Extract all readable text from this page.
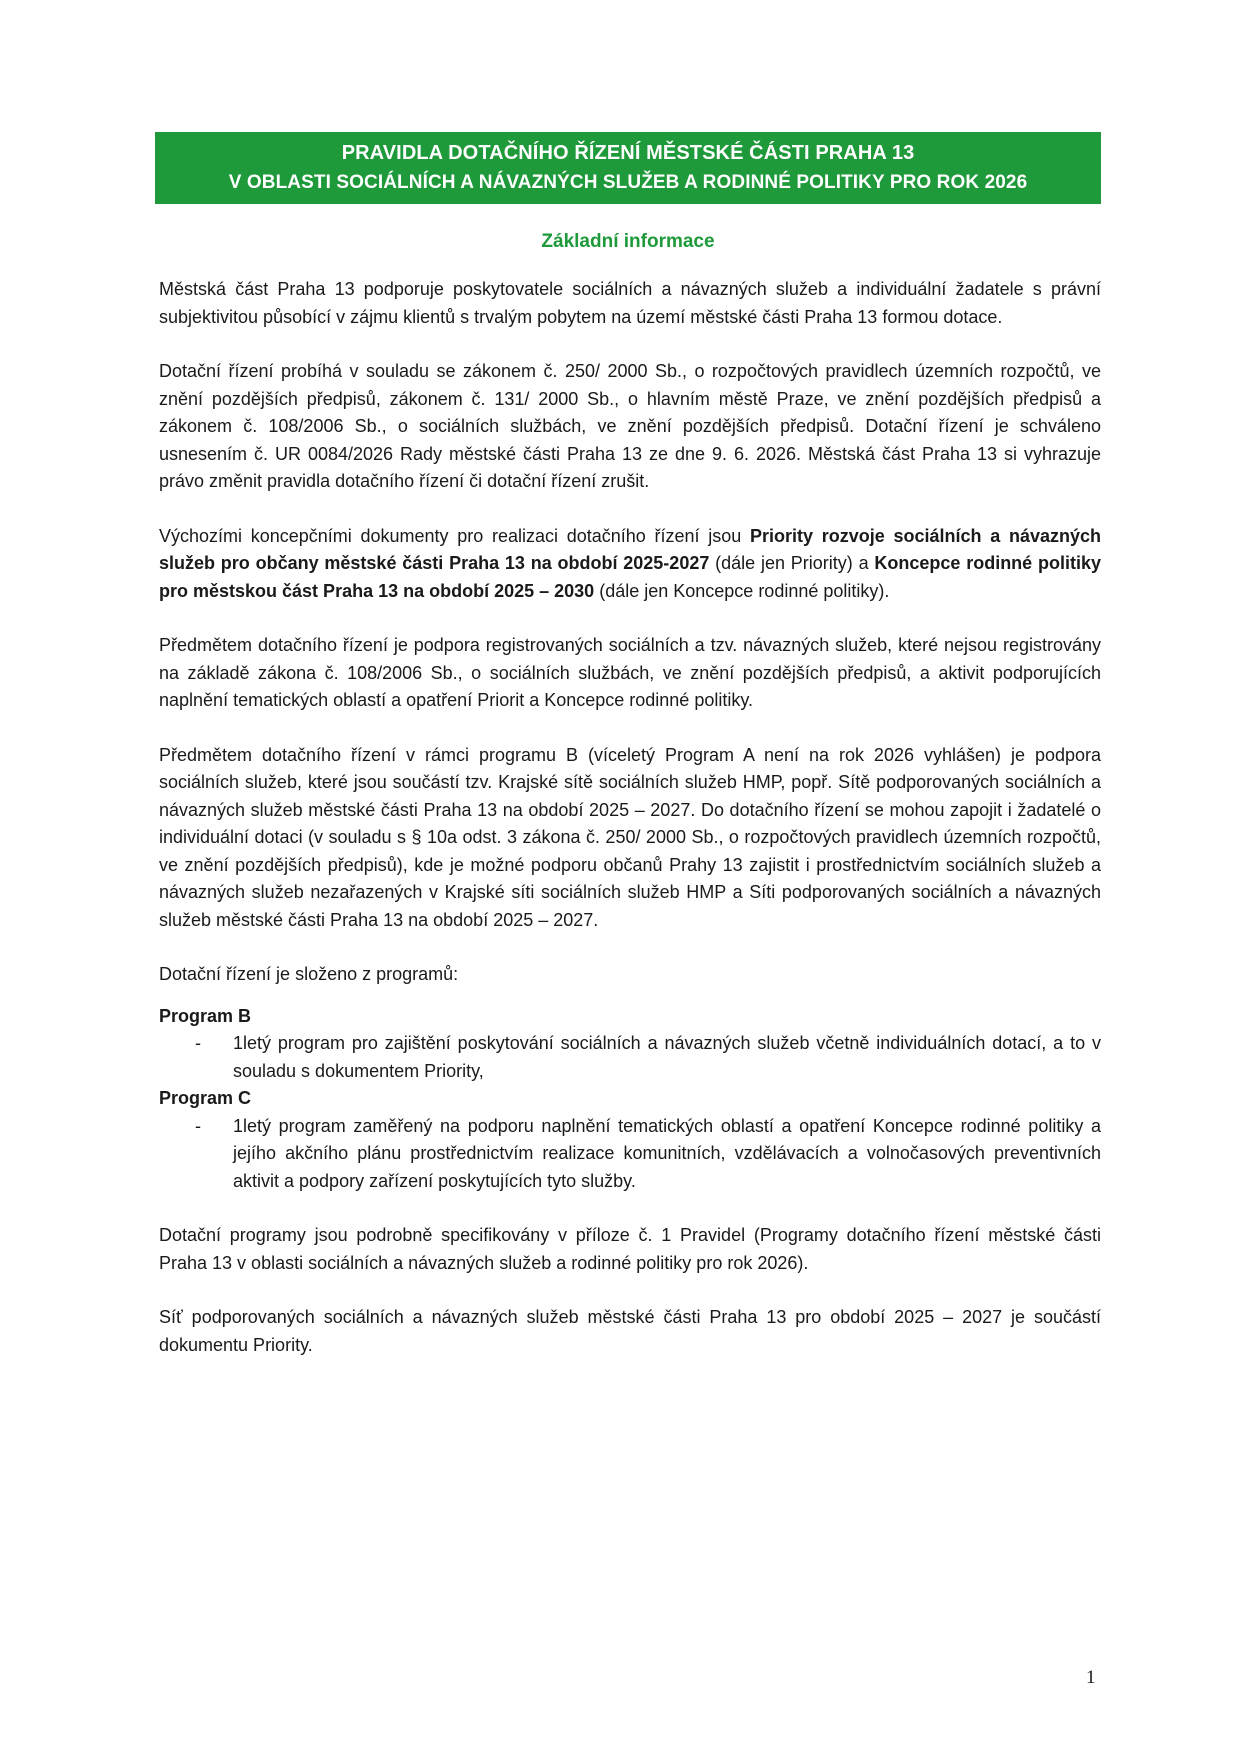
PRAVIDLA DOTAČNÍHO ŘÍZENÍ MĚSTSKÉ ČÁSTI PRAHA 13
V OBLASTI SOCIÁLNÍCH A NÁVAZNÝCH SLUŽEB A RODINNÉ POLITIKY PRO ROK 2026
Základní informace

Městská část Praha 13 podporuje poskytovatele sociálních a návazných služeb a individuální žadatele s právní subjektivitou působící v zájmu klientů s trvalým pobytem na území městské části Praha 13 formou dotace.

Dotační řízení probíhá v souladu se zákonem č. 250/ 2000 Sb., o rozpočtových pravidlech územních rozpočtů, ve znění pozdějších předpisů, zákonem č. 131/ 2000 Sb., o hlavním městě Praze, ve znění pozdějších předpisů a zákonem č. 108/2006 Sb., o sociálních službách, ve znění pozdějších předpisů. Dotační řízení je schváleno usnesením č. UR 0084/2026 Rady městské části Praha 13 ze dne 9. 6. 2026. Městská část Praha 13 si vyhrazuje právo změnit pravidla dotačního řízení či dotační řízení zrušit.

Výchozími koncepčními dokumenty pro realizaci dotačního řízení jsou Priority rozvoje sociálních a návazných služeb pro občany městské části Praha 13 na období 2025-2027 (dále jen Priority) a Koncepce rodinné politiky pro městskou část Praha 13 na období 2025 – 2030 (dále jen Koncepce rodinné politiky).

Předmětem dotačního řízení je podpora registrovaných sociálních a tzv. návazných služeb, které nejsou registrovány na základě zákona č. 108/2006 Sb., o sociálních službách, ve znění pozdějších předpisů, a aktivit podporujících naplnění tematických oblastí a opatření Priorit a Koncepce rodinné politiky.

Předmětem dotačního řízení v rámci programu B (víceletý Program A není na rok 2026 vyhlášen) je podpora sociálních služeb, které jsou součástí tzv. Krajské sítě sociálních služeb HMP, popř. Sítě podporovaných sociálních a návazných služeb městské části Praha 13 na období 2025 – 2027. Do dotačního řízení se mohou zapojit i žadatelé o individuální dotaci (v souladu s § 10a odst. 3 zákona č. 250/ 2000 Sb., o rozpočtových pravidlech územních rozpočtů, ve znění pozdějších předpisů), kde je možné podporu občanů Prahy 13 zajistit i prostřednictvím sociálních služeb a návazných služeb nezařazených v Krajské síti sociálních služeb HMP a Síti podporovaných sociálních a návazných služeb městské části Praha 13 na období 2025 – 2027.

Dotační řízení je složeno z programů:

Program B
-	1letý program pro zajištění poskytování sociálních a návazných služeb včetně individuálních dotací, a to v souladu s dokumentem Priority,
Program C
-	1letý program zaměřený na podporu naplnění tematických oblastí a opatření Koncepce rodinné politiky a jejího akčního plánu prostřednictvím realizace komunitních, vzdělávacích a volnočasových preventivních aktivit a podpory zařízení poskytujících tyto služby.

Dotační programy jsou podrobně specifikovány v příloze č. 1 Pravidel (Programy dotačního řízení městské části Praha 13 v oblasti sociálních a návazných služeb a rodinné politiky pro rok 2026).

Síť podporovaných sociálních a návazných služeb městské části Praha 13 pro období 2025 – 2027 je součástí dokumentu Priority.

1
